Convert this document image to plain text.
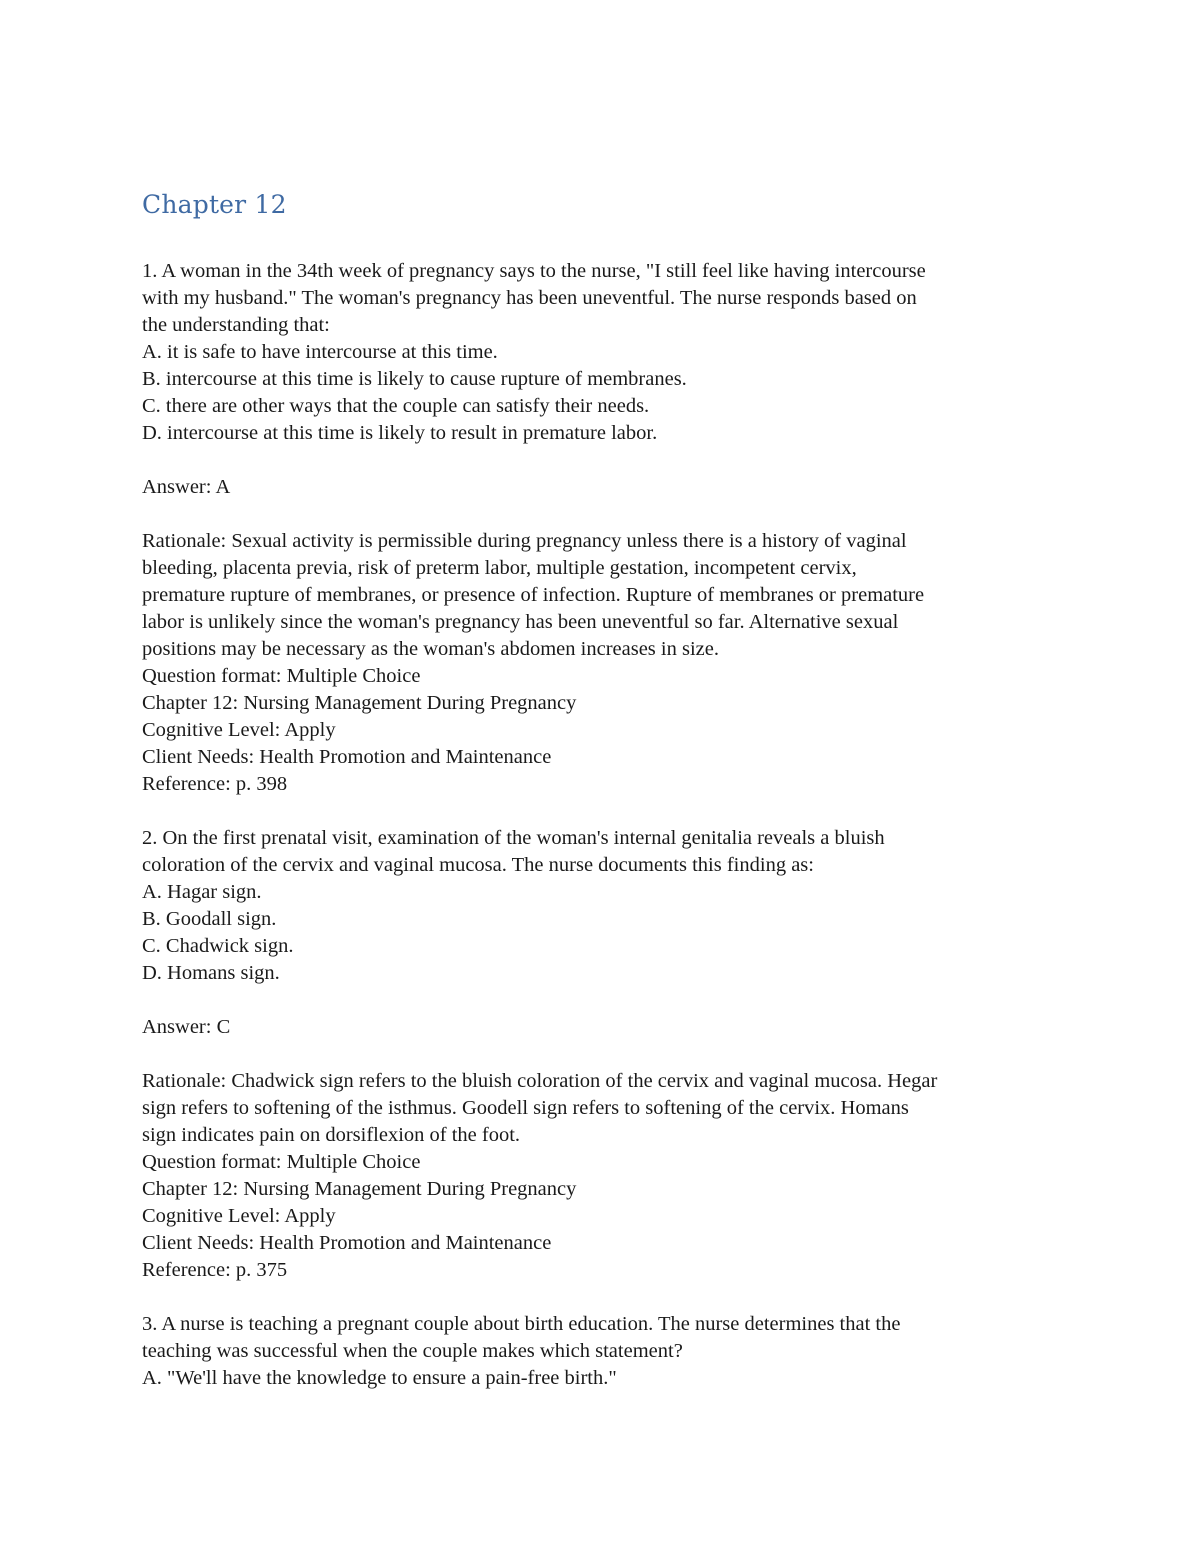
Chapter 12
1. A woman in the 34th week of pregnancy says to the nurse, "I still feel like having intercourse
with my husband." The woman's pregnancy has been uneventful. The nurse responds based on
the understanding that:
A. it is safe to have intercourse at this time.
B. intercourse at this time is likely to cause rupture of membranes.
C. there are other ways that the couple can satisfy their needs.
D. intercourse at this time is likely to result in premature labor.
Answer: A
Rationale: Sexual activity is permissible during pregnancy unless there is a history of vaginal
bleeding, placenta previa, risk of preterm labor, multiple gestation, incompetent cervix,
premature rupture of membranes, or presence of infection. Rupture of membranes or premature
labor is unlikely since the woman's pregnancy has been uneventful so far. Alternative sexual
positions may be necessary as the woman's abdomen increases in size.
Question format: Multiple Choice
Chapter 12: Nursing Management During Pregnancy
Cognitive Level: Apply
Client Needs: Health Promotion and Maintenance
Reference: p. 398
2. On the first prenatal visit, examination of the woman's internal genitalia reveals a bluish
coloration of the cervix and vaginal mucosa. The nurse documents this finding as:
A. Hagar sign.
B. Goodall sign.
C. Chadwick sign.
D. Homans sign.
Answer: C
Rationale: Chadwick sign refers to the bluish coloration of the cervix and vaginal mucosa. Hegar
sign refers to softening of the isthmus. Goodell sign refers to softening of the cervix. Homans
sign indicates pain on dorsiflexion of the foot.
Question format: Multiple Choice
Chapter 12: Nursing Management During Pregnancy
Cognitive Level: Apply
Client Needs: Health Promotion and Maintenance
Reference: p. 375
3. A nurse is teaching a pregnant couple about birth education. The nurse determines that the
teaching was successful when the couple makes which statement?
A. "We'll have the knowledge to ensure a pain-free birth."
